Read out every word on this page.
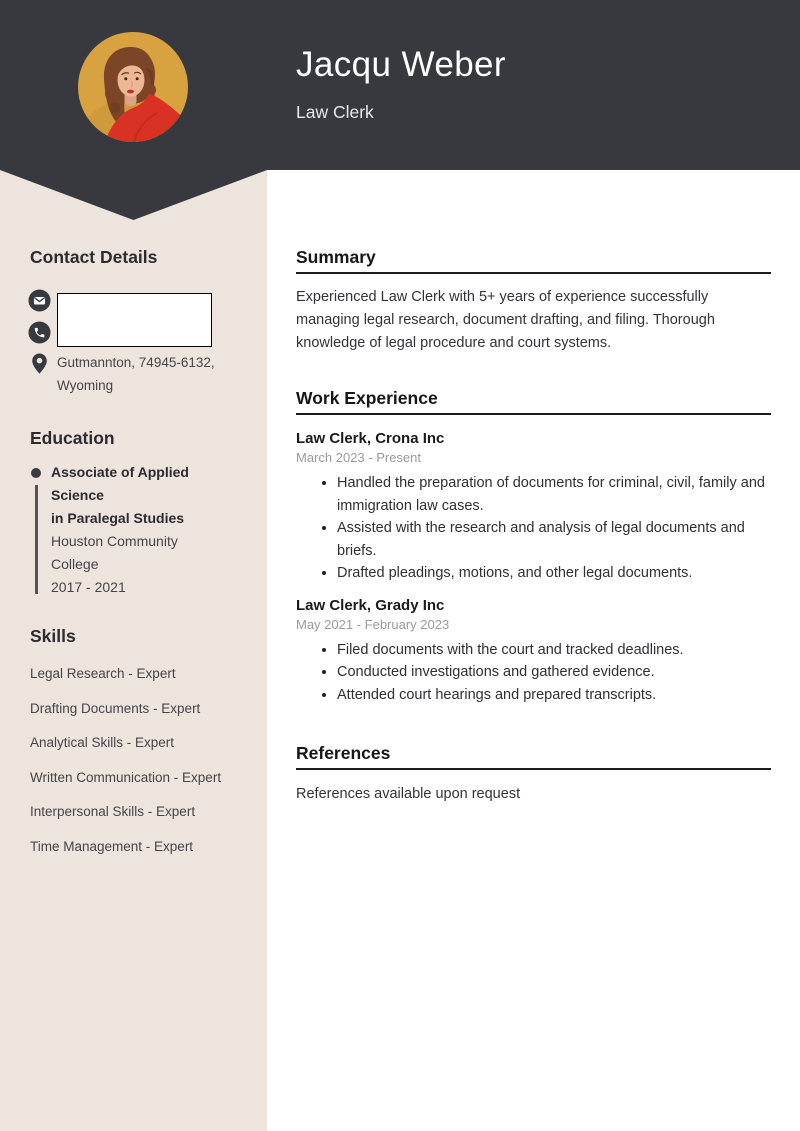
Jacqu Weber
Law Clerk
Contact Details
Gutmannton, 74945-6132,
Wyoming
Education
Associate of Applied Science
in Paralegal Studies
Houston Community
College
2017 - 2021
Skills
Legal Research - Expert
Drafting Documents - Expert
Analytical Skills - Expert
Written Communication - Expert
Interpersonal Skills - Expert
Time Management - Expert
Summary

Experienced Law Clerk with 5+ years of experience successfully managing legal research, document drafting, and filing. Thorough knowledge of legal procedure and court systems.

Work Experience
Law Clerk, Crona Inc
March 2023 - Present
• Handled the preparation of documents for criminal, civil, family and immigration law cases.
• Assisted with the research and analysis of legal documents and briefs.
• Drafted pleadings, motions, and other legal documents.
Law Clerk, Grady Inc
May 2021 - February 2023
• Filed documents with the court and tracked deadlines.
• Conducted investigations and gathered evidence.
• Attended court hearings and prepared transcripts.
References

References available upon request
